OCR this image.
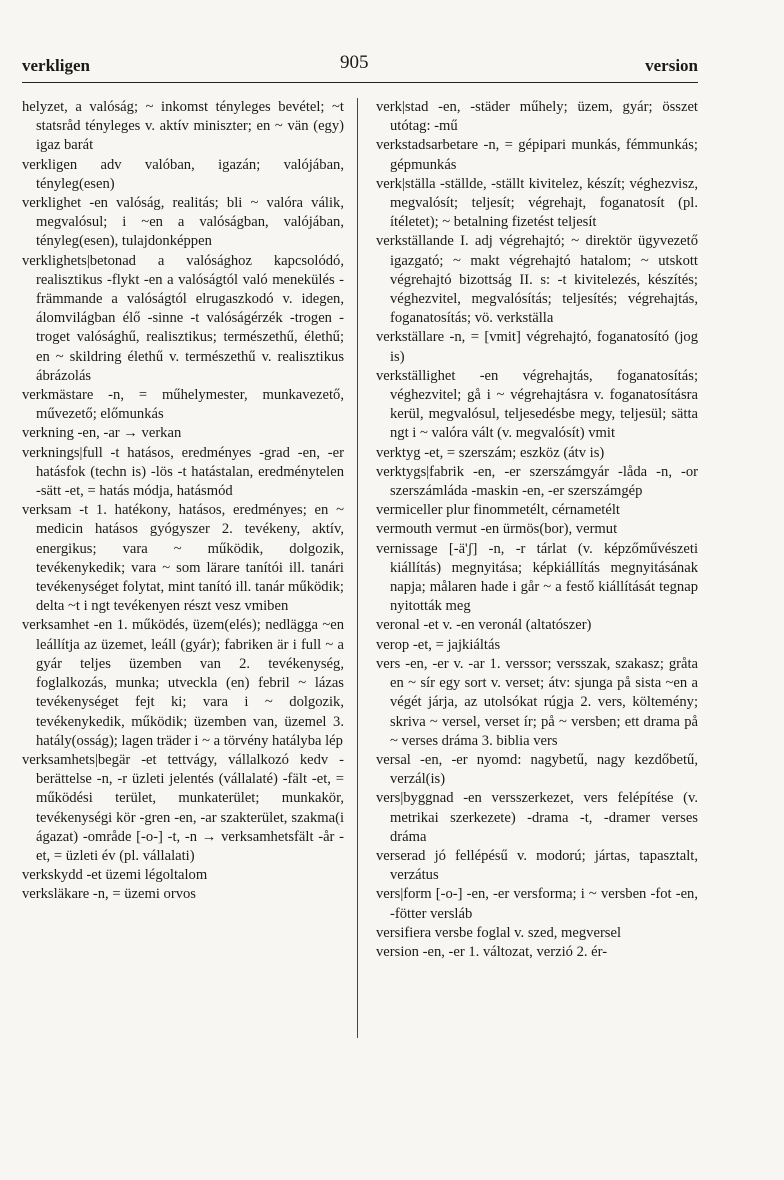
verkligen	905	version

helyzet, a valóság; ~ inkomst tényleges bevétel; ~t statsråd tényleges v. aktív miniszter; en ~ vän (egy) igaz barát

verkligen adv valóban, igazán; valójában, tényleg(esen)

verklighet -en valóság, realitás; bli ~ valóra válik, megvalósul; i ~en a valóságban, valójában, tényleg(esen), tulajdonképpen

verklighets|betonad a valósághoz kapcsolódó, realisztikus -flykt -en a valóságtól való menekülés -främmande a valóságtól elrugaszkodó v. idegen, álomvilágban élő -sinne -t valóságérzék -trogen -troget valósághű, realisztikus; természethű, élethű; en ~ skildring élethű v. természethű v. realisztikus ábrázolás

verkmästare -n, = műhelymester, munkavezető, művezető; előmunkás

verkning -en, -ar → verkan

verknings|full -t hatásos, eredményes -grad -en, -er hatásfok (techn is) -lös -t hatástalan, eredménytelen -sätt -et, = hatás módja, hatásmód

verksam -t 1. hatékony, hatásos, eredményes; en ~ medicin hatásos gyógyszer 2. tevékeny, aktív, energikus; vara ~ működik, dolgozik, tevékenykedik; vara ~ som lärare tanítói ill. tanári tevékenységet folytat, mint tanító ill. tanár működik; delta ~t i ngt tevékenyen részt vesz vmiben

verksamhet -en 1. működés, üzem(elés); nedlägga ~en leállítja az üzemet, leáll (gyár); fabriken är i full ~ a gyár teljes üzemben van 2. tevékenység, foglalkozás, munka; utveckla (en) febril ~ lázas tevékenységet fejt ki; vara i ~ dolgozik, tevékenykedik, működik; üzemben van, üzemel 3. hatály(osság); lagen träder i ~ a törvény hatályba lép

verksamhets|begär -et tettvágy, vállalkozó kedv -berättelse -n, -r üzleti jelentés (vállalaté) -fält -et, = működési terület, munkaterület; munkakör, tevékenységi kör -gren -en, -ar szakterület, szakma(i ágazat) -område [-o-] -t, -n → verksamhetsfält -år -et, = üzleti év (pl. vállalati)

verkskydd -et üzemi légoltalom

verksläkare -n, = üzemi orvos

verk|stad -en, -städer műhely; üzem, gyár; összet utótag: -mű

verkstadsarbetare -n, = gépipari munkás, fémmunkás; gépmunkás

verk|ställa -ställde, -ställt kivitelez, készít; véghezvisz, megvalósít; teljesít; végrehajt, foganatosít (pl. ítéletet); ~ betalning fizetést teljesít

verkställande I. adj végrehajtó; ~ direktör ügyvezető igazgató; ~ makt végrehajtó hatalom; ~ utskott végrehajtó bizottság II. s: -t kivitelezés, készítés; véghezvitel, megvalósítás; teljesítés; végrehajtás, foganatosítás; vö. verkställa

verkställare -n, = [vmit] végrehajtó, foganatosító (jog is)

verkställighet -en végrehajtás, foganatosítás; véghezvitel; gå i ~ végrehajtásra v. foganatosításra kerül, megvalósul, teljesedésbe megy, teljesül; sätta ngt i ~ valóra vált (v. megvalósít) vmit

verktyg -et, = szerszám; eszköz (átv is)

verktygs|fabrik -en, -er szerszámgyár -låda -n, -or szerszámláda -maskin -en, -er szerszámgép

vermiceller plur finommetélt, cérnametélt

vermouth vermut -en ürmös(bor), vermut

vernissage [-ä'ʃ] -n, -r tárlat (v. képzőművészeti kiállítás) megnyitása; képkiállítás megnyitásának napja; målaren hade i går ~ a festő kiállítását tegnap nyitották meg

veronal -et v. -en veronál (altatószer)

verop -et, = jajkiáltás

vers -en, -er v. -ar 1. verssor; versszak, szakasz; gråta en ~ sír egy sort v. verset; átv: sjunga på sista ~en a végét járja, az utolsókat rúgja 2. vers, költemény; skriva ~ versel, verset ír; på ~ versben; ett drama på ~ verses dráma 3. biblia vers

versal -en, -er nyomd: nagybetű, nagy kezdőbetű, verzál(is)

vers|byggnad -en versszerkezet, vers felépítése (v. metrikai szerkezete) -drama -t, -dramer verses dráma

verserad jó fellépésű v. modorú; jártas, tapasztalt, verzátus

vers|form [-o-] -en, -er versforma; i ~ versben -fot -en, -fötter versláb

versifiera versbe foglal v. szed, megversel

version -en, -er 1. változat, verzió 2. ér-
